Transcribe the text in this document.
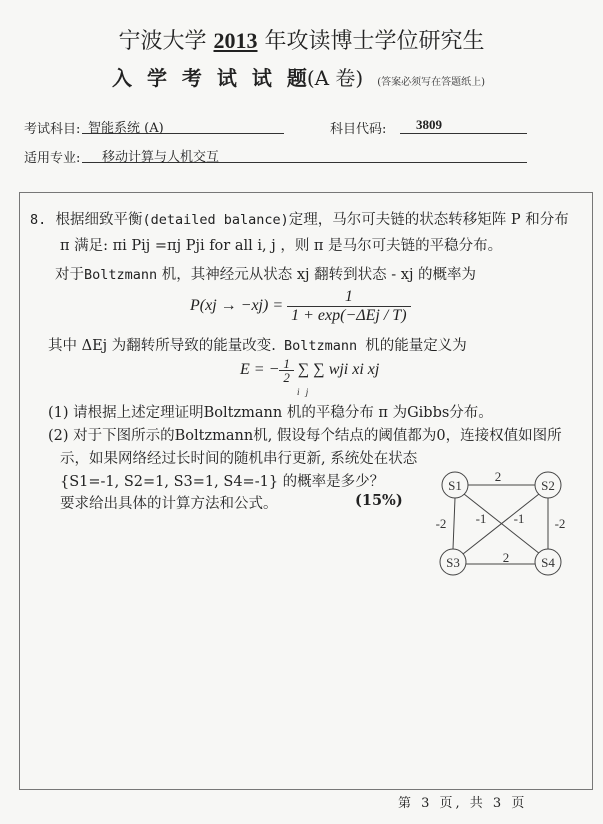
宁波大学 2013 年攻读博士学位研究生
入 学 考 试 试 题(A 卷) (答案必须写在答题纸上)
考试科目: 智能系统 (A)	科目代码:	3809
适用专业:	移动计算与人机交互
8. 根据细致平衡(detailed balance)定理，马尔可夫链的状态转移矩阵 P 和分布
π 满足: πi Pij =πj Pji for all i, j ，则 π 是马尔可夫链的平稳分布。
对于Boltzmann 机，其神经元从状态 xj 翻转到状态 - xj 的概率为
$P(xj \to -xj) = \frac{1}{\text{1 + exp(−ΔEj / T)}}$
其中 ΔEj 为翻转所导致的能量改变. Boltzmann 机的能量定义为
E = − $\frac{1}{2}$ ∑ ∑ wji xi xj
i j
(1) 请根据上述定理证明Boltzmann 机的平稳分布 π 为Gibbs分布。
(2) 对于下图所示的Boltzmann机, 假设每个结点的阈值都为0，连接权值如图所
示，如果网络经过长时间的随机串行更新, 系统处在状态
{S1=-1, S2=1, S3=1, S4=-1} 的概率是多少？
要求给出具体的计算方法和公式。	(15%)
S1	S2
S3	S4
2
-2 -1 -1 -2
2
第 3 页, 共 3 页
